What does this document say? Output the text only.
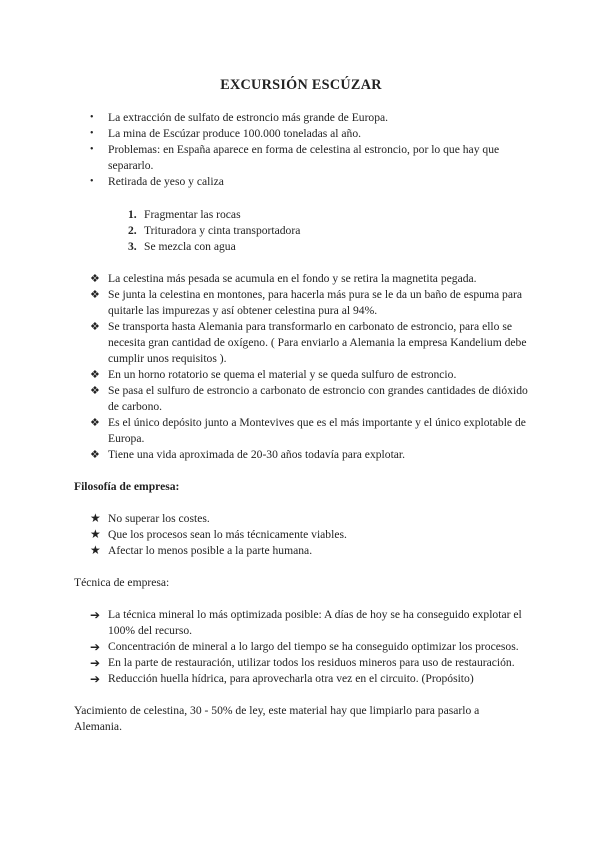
EXCURSIÓN ESCÚZAR
• La extracción de sulfato de estroncio más grande de Europa.
• La mina de Escúzar produce 100.000 toneladas al año.
• Problemas: en España aparece en forma de celestina al estroncio, por lo que hay que separarlo.
• Retirada de yeso y caliza
1. Fragmentar las rocas
2. Trituradora y cinta transportadora
3. Se mezcla con agua
❖ La celestina más pesada se acumula en el fondo y se retira la magnetita pegada.
❖ Se junta la celestina en montones, para hacerla más pura se le da un baño de espuma para quitarle las impurezas y así obtener celestina pura al 94%.
❖ Se transporta hasta Alemania para transformarlo en carbonato de estroncio, para ello se necesita gran cantidad de oxígeno. ( Para enviarlo a Alemania la empresa Kandelium debe cumplir unos requisitos ).
❖ En un horno rotatorio se quema el material y se queda sulfuro de estroncio.
❖ Se pasa el sulfuro de estroncio a carbonato de estroncio con grandes cantidades de dióxido de carbono.
❖ Es el único depósito junto a Montevives que es el más importante y el único explotable de Europa.
❖ Tiene una vida aproximada de 20-30 años todavía para explotar.
Filosofía de empresa:
★ No superar los costes.
★ Que los procesos sean lo más técnicamente viables.
★ Afectar lo menos posible a la parte humana.
Técnica de empresa:
➔ La técnica mineral lo más optimizada posible: A días de hoy se ha conseguido explotar el 100% del recurso.
➔ Concentración de mineral a lo largo del tiempo se ha conseguido optimizar los procesos.
➔ En la parte de restauración, utilizar todos los residuos mineros para uso de restauración.
➔ Reducción huella hídrica, para aprovecharla otra vez en el circuito. (Propósito)
Yacimiento de celestina, 30 - 50% de ley, este material hay que limpiarlo para pasarlo a Alemania.
